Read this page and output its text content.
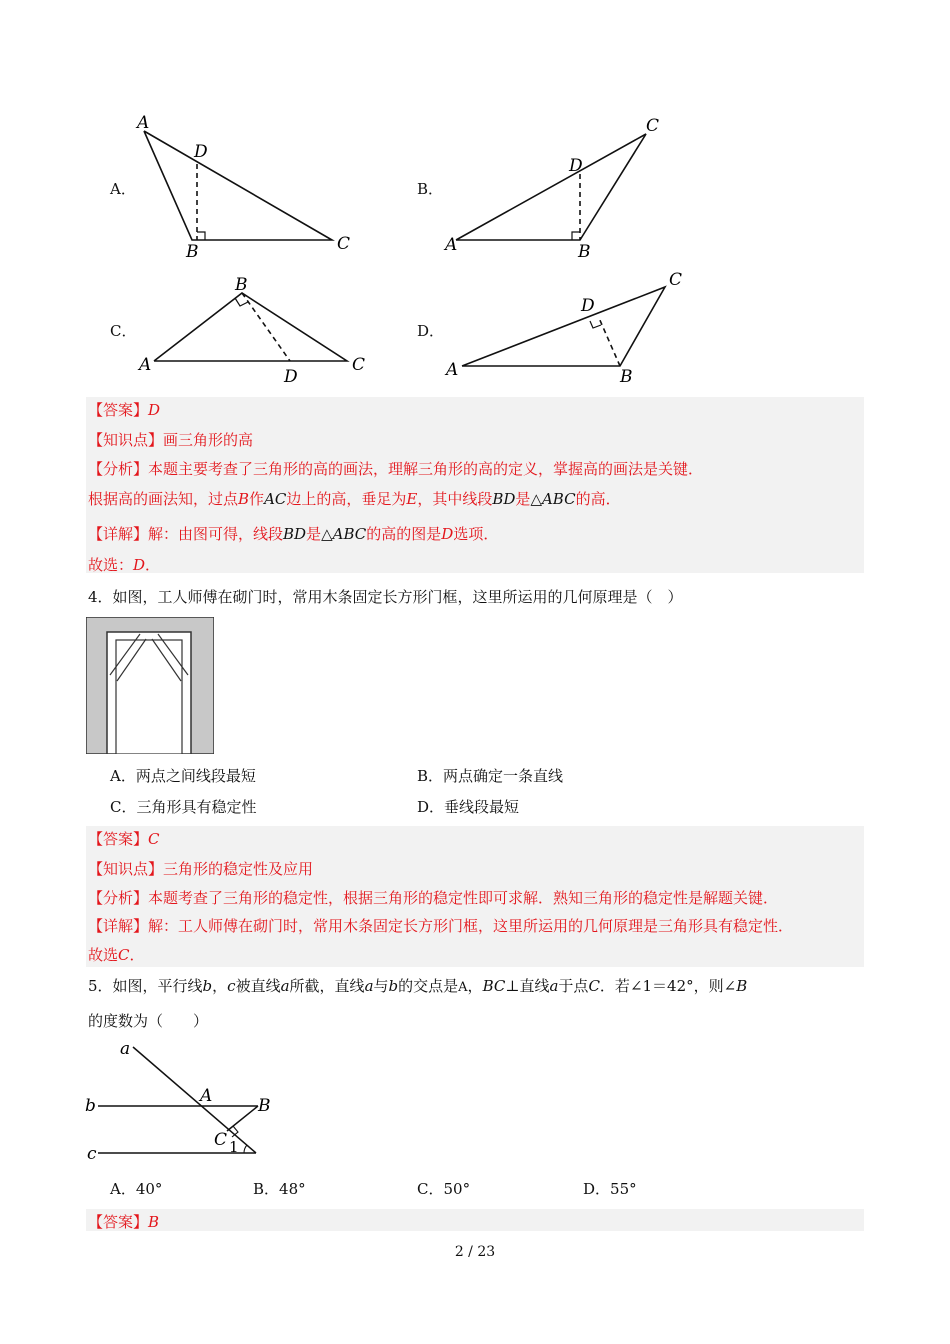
A
D
B	C	A	B
C
D
B
A
D
C	A	B
C
D
A．	B．
C．	D．
【答案】D
【知识点】画三角形的高
【分析】本题主要考查了三角形的高的画法，理解三角形的高的定义，掌握高的画法是关键．
根据高的画法知，过点B作AC边上的高，垂足为E，其中线段BD是△ABC的高．
【详解】解：由图可得，线段BD是△ABC的高的图是D选项．
故选：D．
4．如图，工人师傅在砌门时，常用木条固定长方形门框，这里所运用的几何原理是（　）
A．两点之间线段最短	B．两点确定一条直线
C．三角形具有稳定性	D．垂线段最短
【答案】C
【知识点】三角形的稳定性及应用
【分析】本题考查了三角形的稳定性，根据三角形的稳定性即可求解．熟知三角形的稳定性是解题关键．
【详解】解：工人师傅在砌门时，常用木条固定长方形门框，这里所运用的几何原理是三角形具有稳定性．
故选C．
5．如图，平行线b，c被直线a所截，直线a与b的交点是A，BC⊥直线a于点C．若∠1＝42°，则∠B
的度数为（　　）
a
b
c
A	B
C 1
A．40°	B．48°	C．50°	D．55°
【答案】B
2 / 23
